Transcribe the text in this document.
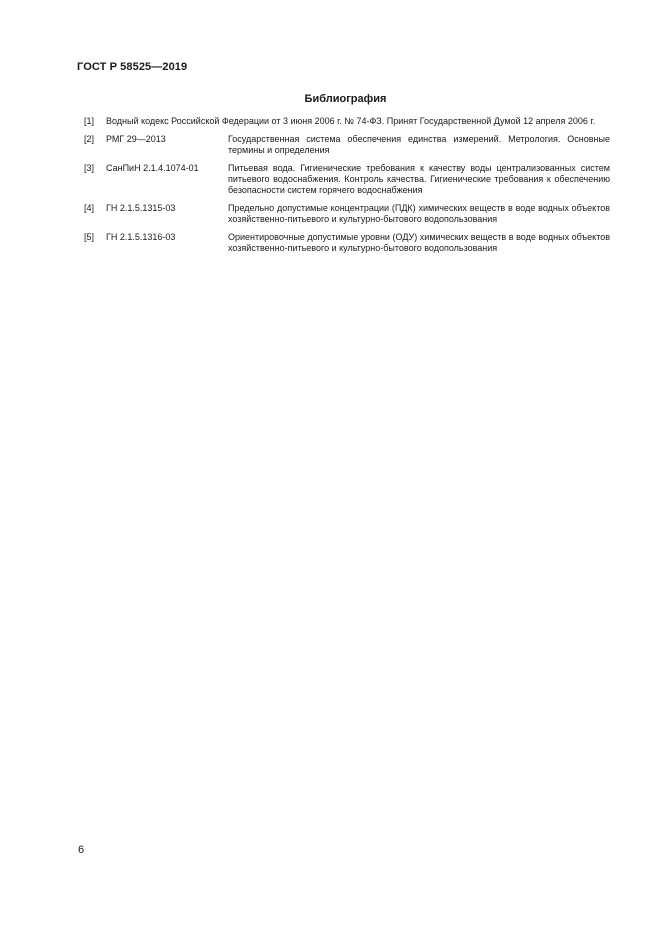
ГОСТ Р 58525—2019
Библиография
[1] Водный кодекс Российской Федерации от 3 июня 2006 г. № 74-ФЗ. Принят Государственной Думой 12 апреля 2006 г.
[2] РМГ 29—2013	Государственная система обеспечения единства измерений. Метрология. Основные термины и определения
[3] СанПиН 2.1.4.1074-01	Питьевая вода. Гигиенические требования к качеству воды централизованных систем питьевого водоснабжения. Контроль качества. Гигиенические требования к обеспечению безопасности систем горячего водоснабжения
[4] ГН 2.1.5.1315-03	Предельно допустимые концентрации (ПДК) химических веществ в воде водных объектов хозяйственно-питьевого и культурно-бытового водопользования
[5] ГН 2.1.5.1316-03	Ориентировочные допустимые уровни (ОДУ) химических веществ в воде водных объектов хозяйственно-питьевого и культурно-бытового водопользования
6
